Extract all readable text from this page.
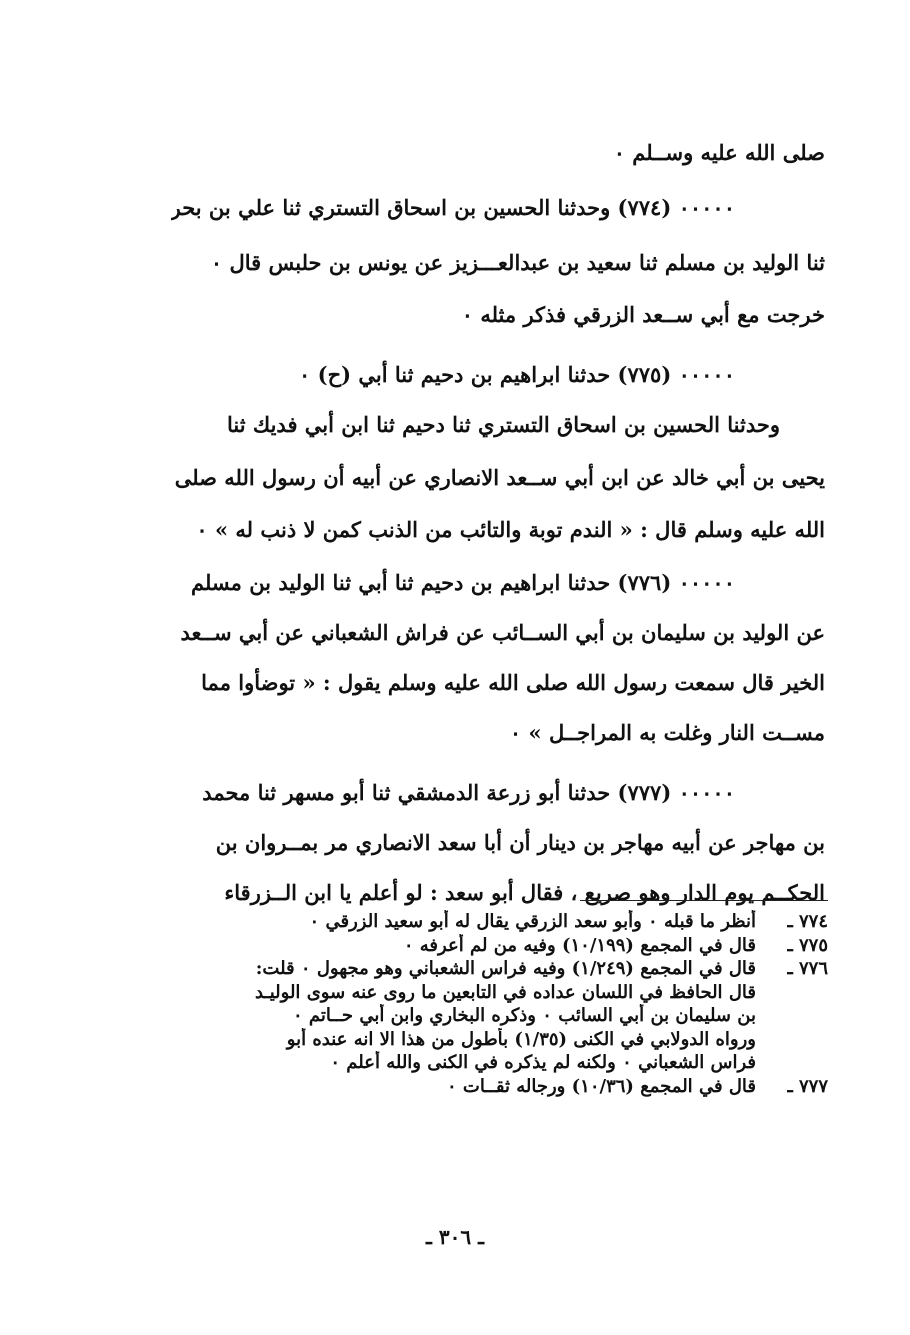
صلى الله عليه وســلم ٠
٠٠٠٠٠ (٧٧٤) وحدثنا الحسين بن اسحاق التستري ثنا علي بن بحر
ثنا الوليد بن مسلم ثنا سعيد بن عبدالعـــزيز عن يونس بن حلبس قال ٠
خرجت مع أبي ســعد الزرقي فذكر مثله ٠
٠٠٠٠٠ (٧٧٥) حدثنا ابراهيم بن دحيم ثنا أبي (ح) ٠
وحدثنا الحسين بن اسحاق التستري ثنا دحيم ثنا ابن أبي فديك ثنا
يحيى بن أبي خالد عن ابن أبي ســعد الانصاري عن أبيه أن رسول الله صلى
الله عليه وسلم قال : « الندم توبة والتائب من الذنب كمن لا ذنب له » ٠
٠٠٠٠٠ (٧٧٦) حدثنا ابراهيم بن دحيم ثنا أبي ثنا الوليد بن مسلم
عن الوليد بن سليمان بن أبي الســائب عن فراش الشعباني عن أبي ســعد
الخير قال سمعت رسول الله صلى الله عليه وسلم يقول : « توضأوا مما
مســت النار وغلت به المراجــل » ٠
٠٠٠٠٠ (٧٧٧) حدثنا أبو زرعة الدمشقي ثنا أبو مسهر ثنا محمد
بن مهاجر عن أبيه مهاجر بن دينار أن أبا سعد الانصاري مر بمــروان بن
الحكــم يوم الدار وهو صريع ، فقال أبو سعد : لو أعلم يا ابن الــزرقاء
٧٧٤ ـأنظر ما قبله ٠ وأبو سعد الزرقي يقال له أبو سعيد الزرقي ٠
٧٧٥ ـقال في المجمع (١٠/١٩٩) وفيه من لم أعرفه ٠
٧٧٦ ـقال في المجمع (١/٢٤٩) وفيه فراس الشعباني وهو مجهول ٠ قلت:
قال الحافظ في اللسان عداده في التابعين ما روى عنه سوى الوليـد
بن سليمان بن أبي السائب ٠ وذكره البخاري وابن أبي حــاتم ٠
ورواه الدولابي في الكنى (١/٣٥) بأطول من هذا الا انه عنده أبو
فراس الشعباني ٠ ولكنه لم يذكره في الكنى والله أعلم ٠
٧٧٧ ـقال في المجمع (١٠/٣٦) ورجاله ثقــات ٠
ـ ٣٠٦ ـ
